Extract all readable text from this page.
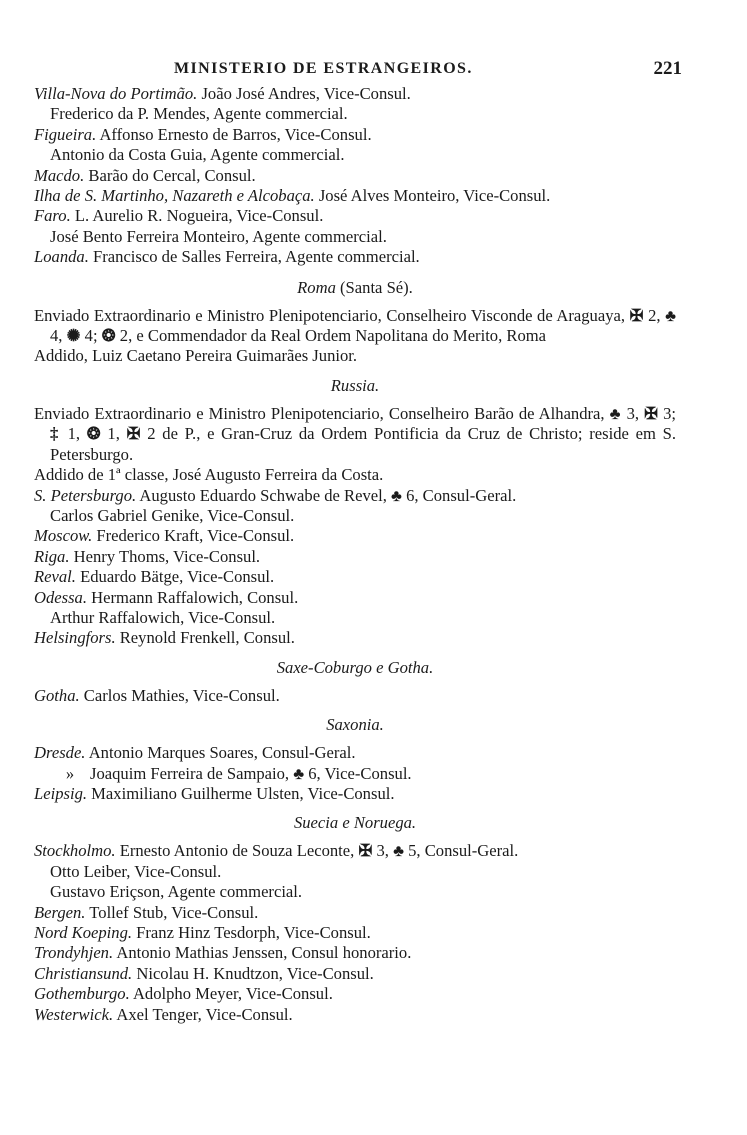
MINISTERIO DE ESTRANGEIROS.	221

Villa-Nova do Portimão. João José Andres, Vice-Consul.

Frederico da P. Mendes, Agente commercial.

Figueira. Affonso Ernesto de Barros, Vice-Consul.

Antonio da Costa Guia, Agente commercial.

Macdo. Barão do Cercal, Consul.

Ilha de S. Martinho, Nazareth e Alcobaça. José Alves Monteiro, Vice-Consul.

Faro. L. Aurelio R. Nogueira, Vice-Consul.

José Bento Ferreira Monteiro, Agente commercial.

Loanda. Francisco de Salles Ferreira, Agente commercial.

Roma (Santa Sé).

Enviado Extraordinario e Ministro Plenipotenciario, Conselheiro Visconde de Araguaya, ✠ 2, ♣ 4, ✺ 4; ❂ 2, e Commendador da Real Ordem Napolitana do Merito, Roma

Addido, Luiz Caetano Pereira Guimarães Junior.

Russia.

Enviado Extraordinario e Ministro Plenipotenciario, Conselheiro Barão de Alhandra, ♣ 3, ✠ 3; ‡ 1, ❂ 1, ✠ 2 de P., e Gran-Cruz da Ordem Pontificia da Cruz de Christo; reside em S. Petersburgo.

Addido de 1ª classe, José Augusto Ferreira da Costa.

S. Petersburgo. Augusto Eduardo Schwabe de Revel, ♣ 6, Consul-Geral.

Carlos Gabriel Genike, Vice-Consul.

Moscow. Frederico Kraft, Vice-Consul.

Riga. Henry Thoms, Vice-Consul.

Reval. Eduardo Bätge, Vice-Consul.

Odessa. Hermann Raffalowich, Consul.

Arthur Raffalowich, Vice-Consul.

Helsingfors. Reynold Frenkell, Consul.

Saxe-Coburgo e Gotha.

Gotha. Carlos Mathies, Vice-Consul.

Saxonia.

Dresde. Antonio Marques Soares, Consul-Geral.

» Joaquim Ferreira de Sampaio, ♣ 6, Vice-Consul.

Leipsig. Maximiliano Guilherme Ulsten, Vice-Consul.

Suecia e Noruega.

Stockholmo. Ernesto Antonio de Souza Leconte, ✠ 3, ♣ 5, Consul-Geral.

Otto Leiber, Vice-Consul.

Gustavo Eriçson, Agente commercial.

Bergen. Tollef Stub, Vice-Consul.

Nord Koeping. Franz Hinz Tesdorph, Vice-Consul.

Trondyhjen. Antonio Mathias Jenssen, Consul honorario.

Christiansund. Nicolau H. Knudtzon, Vice-Consul.

Gothemburgo. Adolpho Meyer, Vice-Consul.

Westerwick. Axel Tenger, Vice-Consul.
